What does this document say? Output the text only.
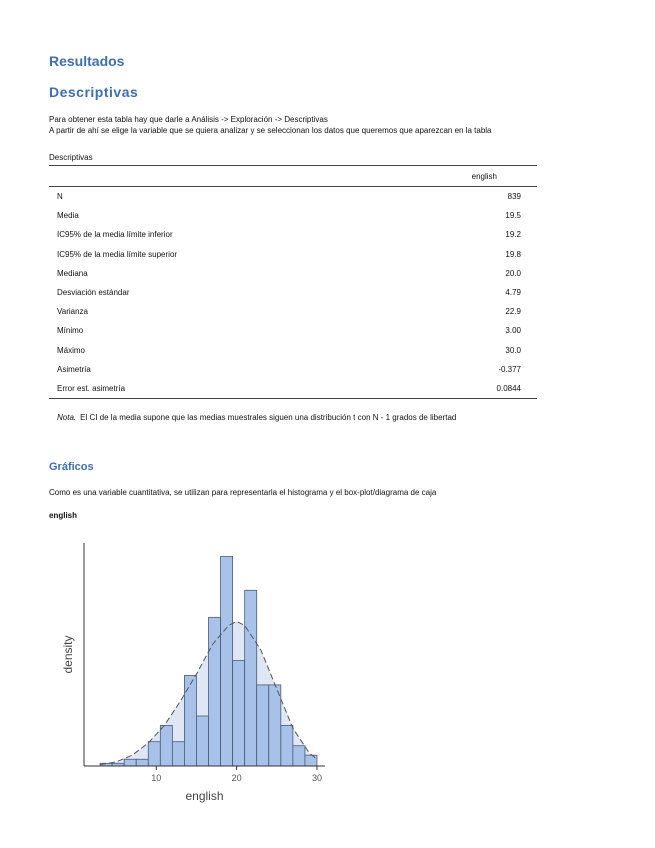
Resultados
Descriptivas
Para obtener esta tabla hay que darle a Análisis -> Exploración -> Descriptivas
A partir de ahí se elige la variable que se quiera analizar y se seleccionan los datos que queremos que aparezcan en la tabla
Descriptivas
english
N	839
Media	19.5
IC95% de la media límite inferior	19.2
IC95% de la media límite superior	19.8
Mediana	20.0
Desviación estándar	4.79
Varianza	22.9
Mínimo	3.00
Máximo	30.0
Asimetría	-0.377
Error est. asimetría	0.0844
Nota. El CI de la media supone que las medias muestrales siguen una distribución t con N - 1 grados de libertad
Gráficos
Como es una variable cuantitativa, se utilizan para representarla el histograma y el box-plot/diagrama de caja
english
10	20	30
english
density
